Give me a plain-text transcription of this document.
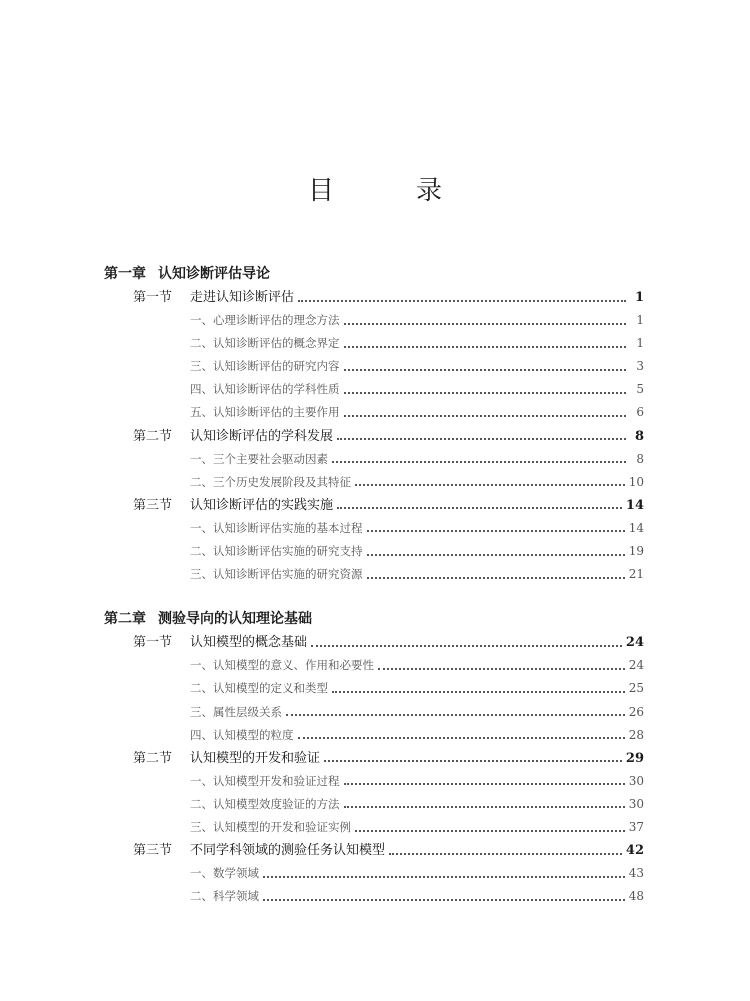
目　录
第一章 认知诊断评估导论
第一节	走进认知诊断评估	1
一、心理诊断评估的理念方法	1
二、认知诊断评估的概念界定	1
三、认知诊断评估的研究内容	3
四、认知诊断评估的学科性质	5
五、认知诊断评估的主要作用	6
第二节	认知诊断评估的学科发展	8
一、三个主要社会驱动因素	8
二、三个历史发展阶段及其特征	10
第三节	认知诊断评估的实践实施	14
一、认知诊断评估实施的基本过程	14
二、认知诊断评估实施的研究支持	19
三、认知诊断评估实施的研究资源	21
第二章 测验导向的认知理论基础
第一节	认知模型的概念基础	24
一、认知模型的意义、作用和必要性	24
二、认知模型的定义和类型	25
三、属性层级关系	26
四、认知模型的粒度	28
第二节	认知模型的开发和验证	29
一、认知模型开发和验证过程	30
二、认知模型效度验证的方法	30
三、认知模型的开发和验证实例	37
第三节	不同学科领域的测验任务认知模型	42
一、数学领域	43
二、科学领域	48
